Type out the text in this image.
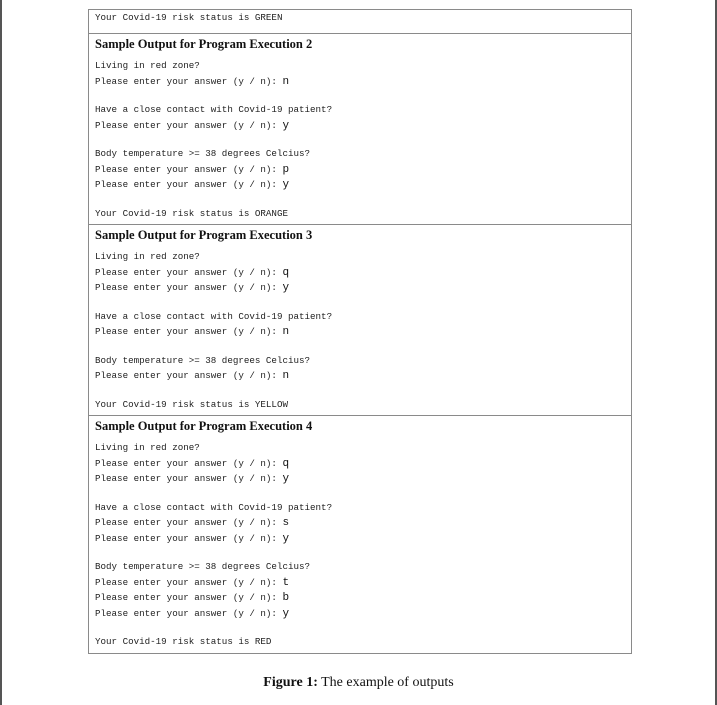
Your Covid-19 risk status is GREEN
Sample Output for Program Execution 2
Living in red zone?
Please enter your answer (y / n): n
Have a close contact with Covid-19 patient?
Please enter your answer (y / n): y
Body temperature >= 38 degrees Celcius?
Please enter your answer (y / n): p
Please enter your answer (y / n): y
Your Covid-19 risk status is ORANGE
Sample Output for Program Execution 3
Living in red zone?
Please enter your answer (y / n): q
Please enter your answer (y / n): y
Have a close contact with Covid-19 patient?
Please enter your answer (y / n): n
Body temperature >= 38 degrees Celcius?
Please enter your answer (y / n): n
Your Covid-19 risk status is YELLOW
Sample Output for Program Execution 4
Living in red zone?
Please enter your answer (y / n): q
Please enter your answer (y / n): y
Have a close contact with Covid-19 patient?
Please enter your answer (y / n): s
Please enter your answer (y / n): y
Body temperature >= 38 degrees Celcius?
Please enter your answer (y / n): t
Please enter your answer (y / n): b
Please enter your answer (y / n): y
Your Covid-19 risk status is RED
Figure 1: The example of outputs
